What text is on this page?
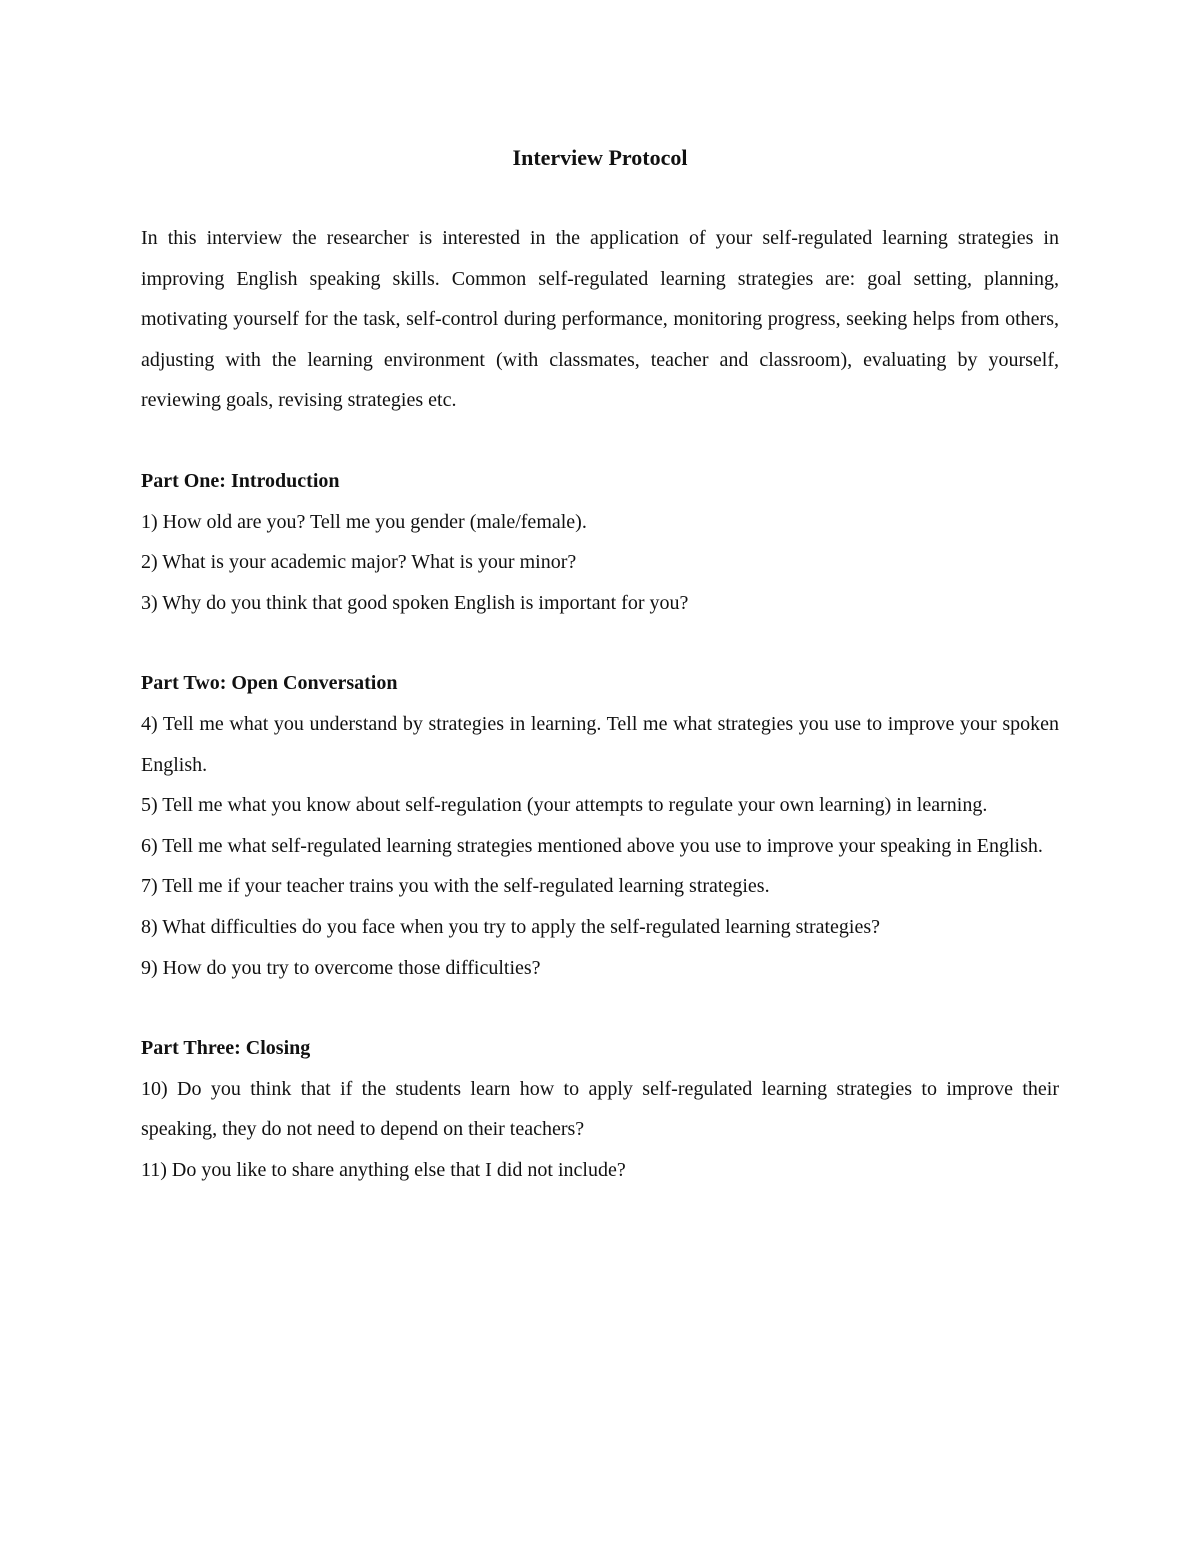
Interview Protocol

In this interview the researcher is interested in the application of your self-regulated learning strategies in improving English speaking skills. Common self-regulated learning strategies are: goal setting, planning, motivating yourself for the task, self-control during performance, monitoring progress, seeking helps from others, adjusting with the learning environment (with classmates, teacher and classroom), evaluating by yourself, reviewing goals, revising strategies etc.

Part One: Introduction

1) How old are you? Tell me you gender (male/female).

2) What is your academic major? What is your minor?

3) Why do you think that good spoken English is important for you?

Part Two: Open Conversation

4) Tell me what you understand by strategies in learning. Tell me what strategies you use to improve your spoken English.

5) Tell me what you know about self-regulation (your attempts to regulate your own learning) in learning.

6) Tell me what self-regulated learning strategies mentioned above you use to improve your speaking in English.

7) Tell me if your teacher trains you with the self-regulated learning strategies.

8) What difficulties do you face when you try to apply the self-regulated learning strategies?

9) How do you try to overcome those difficulties?

Part Three: Closing

10) Do you think that if the students learn how to apply self-regulated learning strategies to improve their speaking, they do not need to depend on their teachers?

11) Do you like to share anything else that I did not include?
